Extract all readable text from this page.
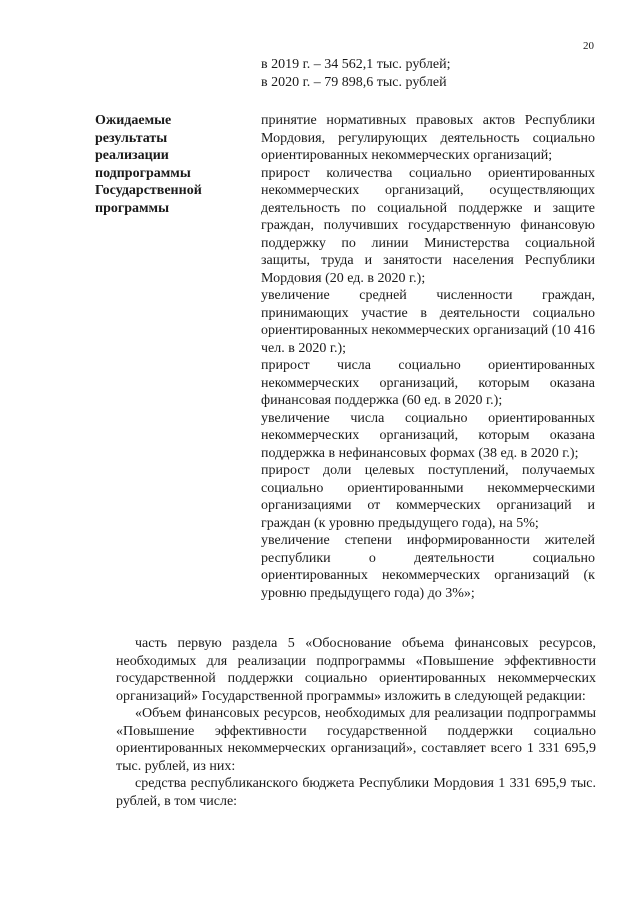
20
в 2019 г. – 34 562,1 тыс. рублей;
в 2020 г. – 79 898,6 тыс. рублей
Ожидаемые
результаты
реализации
подпрограммы
Государственной
программы

принятие нормативных правовых актов Республики Мордовия, регулирующих деятельность социально ориентированных некоммерческих организаций;

прирост количества социально ориентированных некоммерческих организаций, осуществляющих деятельность по социальной поддержке и защите граждан, получивших государственную финансовую поддержку по линии Министерства социальной защиты, труда и занятости населения Республики Мордовия (20 ед. в 2020 г.);

увеличение средней численности граждан, принимающих участие в деятельности социально ориентированных некоммерческих организаций (10 416 чел. в 2020 г.);

прирост числа социально ориентированных некоммерческих организаций, которым оказана финансовая поддержка (60 ед. в 2020 г.);

увеличение числа социально ориентированных некоммерческих организаций, которым оказана поддержка в нефинансовых формах (38 ед. в 2020 г.);

прирост доли целевых поступлений, получаемых социально ориентированными некоммерческими организациями от коммерческих организаций и граждан (к уровню предыдущего года), на 5%;

увеличение степени информированности жителей республики о деятельности социально ориентированных некоммерческих организаций (к уровню предыдущего года) до 3%»;

часть первую раздела 5 «Обоснование объема финансовых ресурсов, необходимых для реализации подпрограммы «Повышение эффективности государственной поддержки социально ориентированных некоммерческих организаций» Государственной программы» изложить в следующей редакции:

«Объем финансовых ресурсов, необходимых для реализации подпрограммы «Повышение эффективности государственной поддержки социально ориентированных некоммерческих организаций», составляет всего 1 331 695,9 тыс. рублей, из них:

средства республиканского бюджета Республики Мордовия 1 331 695,9 тыс. рублей, в том числе:
